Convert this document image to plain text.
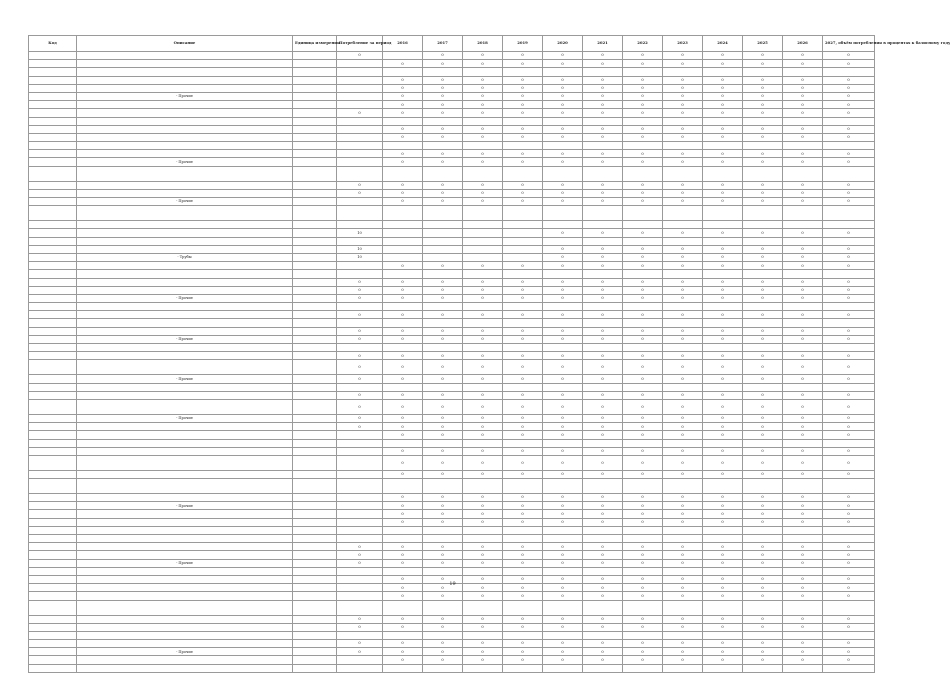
Код	Описание	Единица измерения	Потребление за период	2016	2017	2018	2019	2020	2021	2022	2023	2024	2025	2026	2027, объём потребления в процентах к базисному году
			0		0	0	0	0	0	0	0	0	0	0	0
				0	0	0	0	0	0	0	0	0	0	0	0

				0	0	0	0	0	0	0	0	0	0	0	0
				0	0	0	0	0	0	0	0	0	0	0	0
	- Прочие			0	0	0	0	0	0	0	0	0	0	0	0
				0	0	0	0	0	0	0	0	0	0	0	0
			0	0	0	0	0	0	0	0	0	0	0	0	0

				0	0	0	0	0	0	0	0	0	0	0	0
				0	0	0	0	0	0	0	0	0	0	0	0

				0	0	0	0	0	0	0	0	0	0	0	0
	- Прочие			0	0	0	0	0	0	0	0	0	0	0	0

			0	0	0	0	0	0	0	0	0	0	0	0	0
			0	0	0	0	0	0	0	0	0	0	0	0	0
	- Прочие			0	0	0	0	0	0	0	0	0	0	0	0

			10					0	0	0	0	0	0	0	0

			10					0	0	0	0	0	0	0	0
	- Трубы		10					0	0	0	0	0	0	0	0
				0	0	0	0	0	0	0	0	0	0	0	0

			0	0	0	0	0	0	0	0	0	0	0	0	0
			0	0	0	0	0	0	0	0	0	0	0	0	0
	- Прочие		0	0	0	0	0	0	0	0	0	0	0	0	0

			0	0	0	0	0	0	0	0	0	0	0	0	0

			0	0	0	0	0	0	0	0	0	0	0	0	0
	- Прочие		0	0	0	0	0	0	0	0	0	0	0	0	0

			0	0	0	0	0	0	0	0	0	0	0	0	0
			0	0	0	0	0	0	0	0	0	0	0	0	0
	- Прочие		0	0	0	0	0	0	0	0	0	0	0	0	0

			0	0	0	0	0	0	0	0	0	0	0	0	0
			0	0	0	0	0	0	0	0	0	0	0	0	0
	- Прочие		0	0	0	0	0	0	0	0	0	0	0	0	0
			0	0	0	0	0	0	0	0	0	0	0	0	0
				0	0	0	0	0	0	0	0	0	0	0	0

				0	0	0	0	0	0	0	0	0	0	0	0
				0	0	0	0	0	0	0	0	0	0	0	0
				0	0	0	0	0	0	0	0	0	0	0	0

				0	0	0	0	0	0	0	0	0	0	0	0
	- Прочие			0	0	0	0	0	0	0	0	0	0	0	0
				0	0	0	0	0	0	0	0	0	0	0	0
				0	0	0	0	0	0	0	0	0	0	0	0

			0	0	0	0	0	0	0	0	0	0	0	0	0
			0	0	0	0	0	0	0	0	0	0	0	0	0
	- Прочие		0	0	0	0	0	0	0	0	0	0	0	0	0

				0	0	0	0	0	0	0	0	0	0	0	0
				0	0	0	0	0	0	0	0	0	0	0	0
				0	0	0	0	0	0	0	0	0	0	0	0

			0	0	0	0	0	0	0	0	0	0	0	0	0
			0	0	0	0	0	0	0	0	0	0	0	0	0

			0	0	0	0	0	0	0	0	0	0	0	0	0
	- Прочие		0	0	0	0	0	0	0	0	0	0	0	0	0
				0	0	0	0	0	0	0	0	0	0	0	0

19
